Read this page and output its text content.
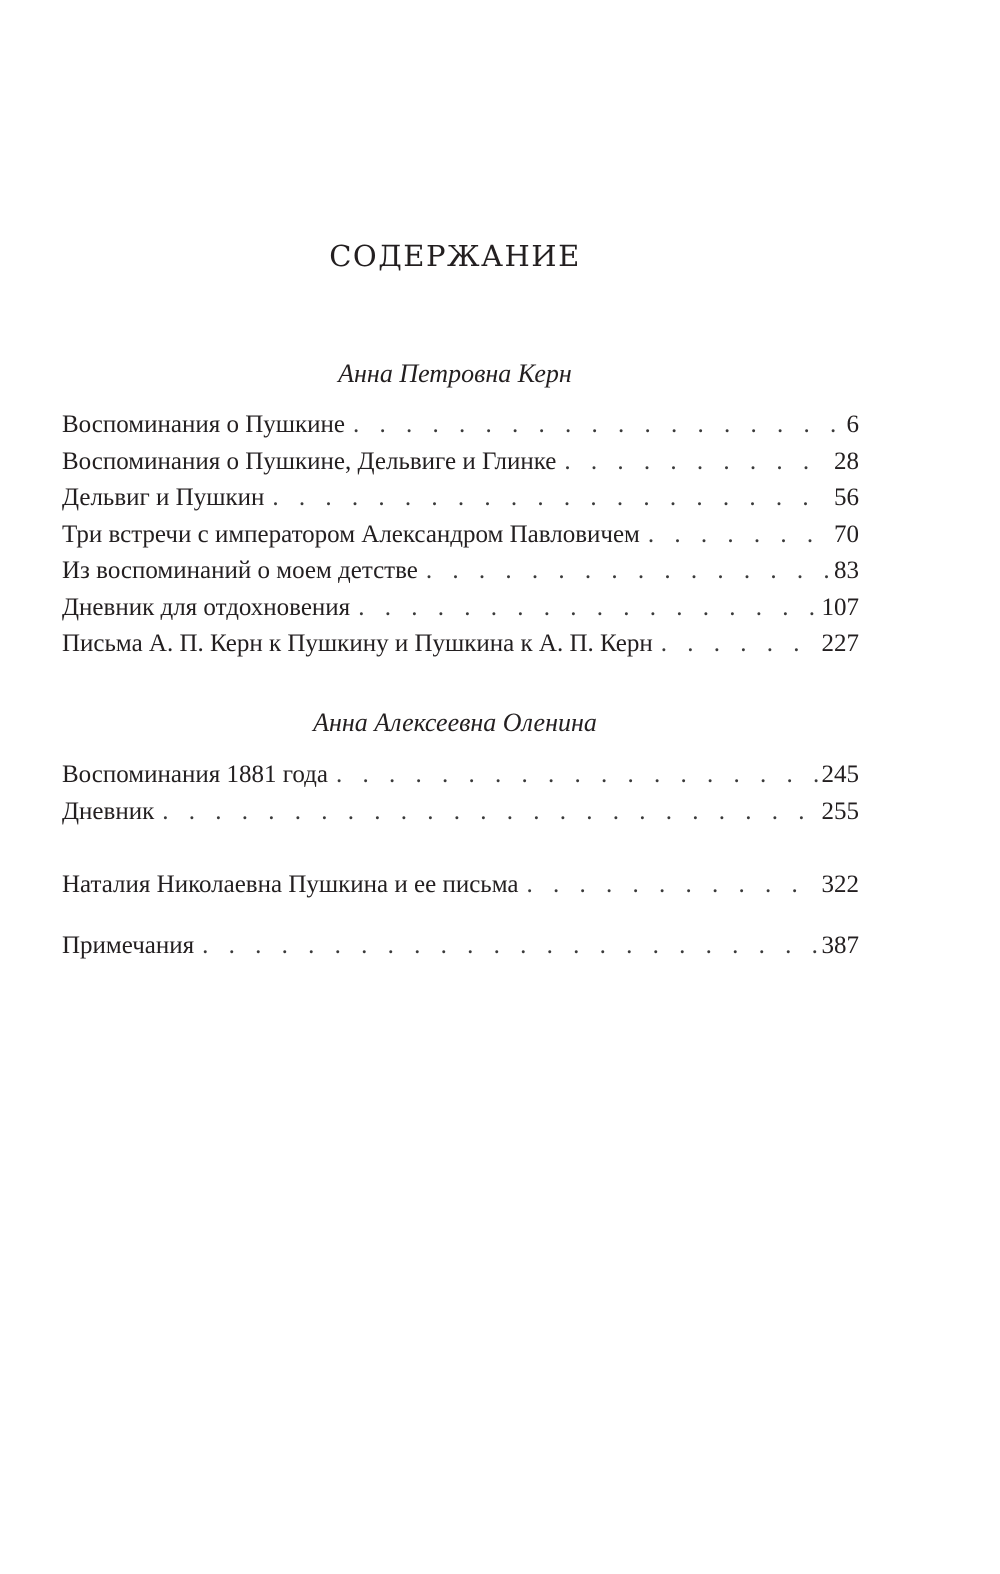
СОДЕРЖАНИЕ

Анна Петровна Керн

Воспоминания о Пушкине . . .	6
Воспоминания о Пушкине, Дельвиге и Глинке . . .	28
Дельвиг и Пушкин . . .	56
Три встречи с императором Александром Павловичем . . .	70
Из воспоминаний о моем детстве . . .	83
Дневник для отдохновения . . .	107
Письма А. П. Керн к Пушкину и Пушкина к А. П. Керн . . .	227

Анна Алексеевна Оленина

Воспоминания 1881 года . . .	245
Дневник . . .	255
Наталия Николаевна Пушкина и ее письма . . .	322
Примечания . . .	387
